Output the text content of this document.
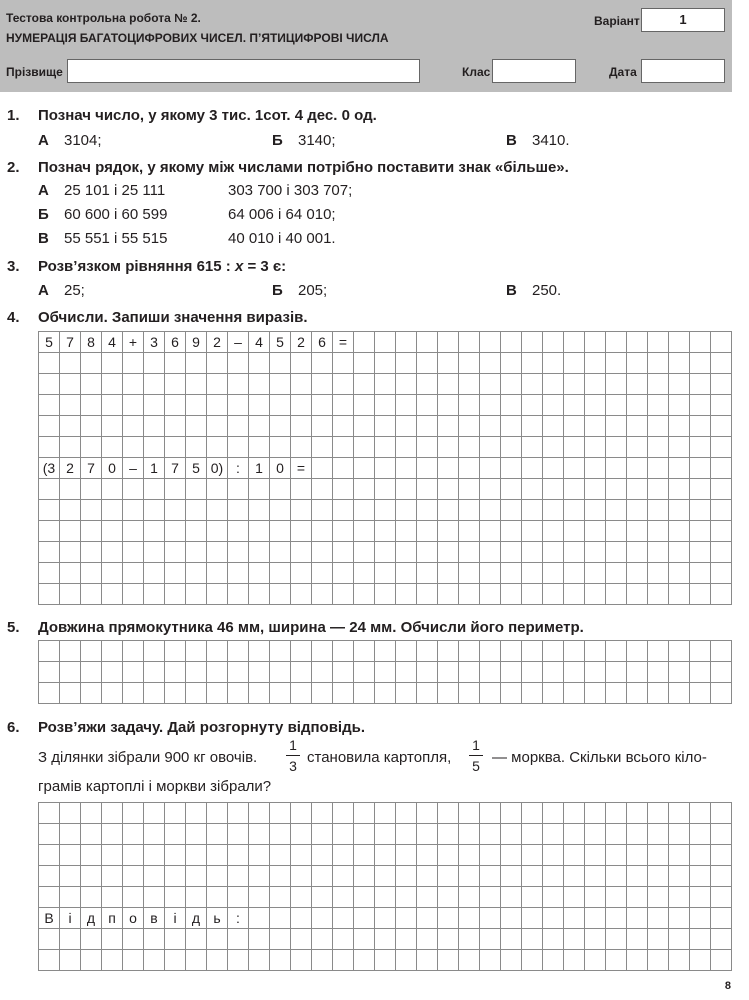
Тестова контрольна робота № 2.
НУМЕРАЦІЯ БАГАТОЦИФРОВИХ ЧИСЕЛ. П’ЯТИЦИФРОВІ ЧИСЛА
Варіант	1
Прізвище	Клас	Дата
1. Познач число, у якому 3 тис. 1сот. 4 дес. 0 од.
А 3104;	Б 3140;	В 3410.
2. Познач рядок, у якому між числами потрібно поставити знак «більше».
А 25 101 і 25 111	303 700 і 303 707;
Б 60 600 і 60 599	64 006 і 64 010;
В 55 551 і 55 515	40 010 і 40 001.
3. Розв’язком рівняння 615 : x = 3 є:
А 25;	Б 205;	В 250.
4. Обчисли. Запиши значення виразів.
5 7 8 4 + 3 6 9 2 – 4 5 2 6 =
(3 2 7 0 – 1 7 5 0) :	1 0 =
5. Довжина прямокутника 46 мм, ширина — 24 мм. Обчисли його периметр.
6. Розв’яжи задачу. Дай розгорнуту відповідь.
З ділянки зібрали 900 кг овочів.
1
3 становила картопля,
1
5 — морква. Скільки всього кіло-
грамів картоплі і моркви зібрали?
В	і	д п о в	і	д ь	:
8
